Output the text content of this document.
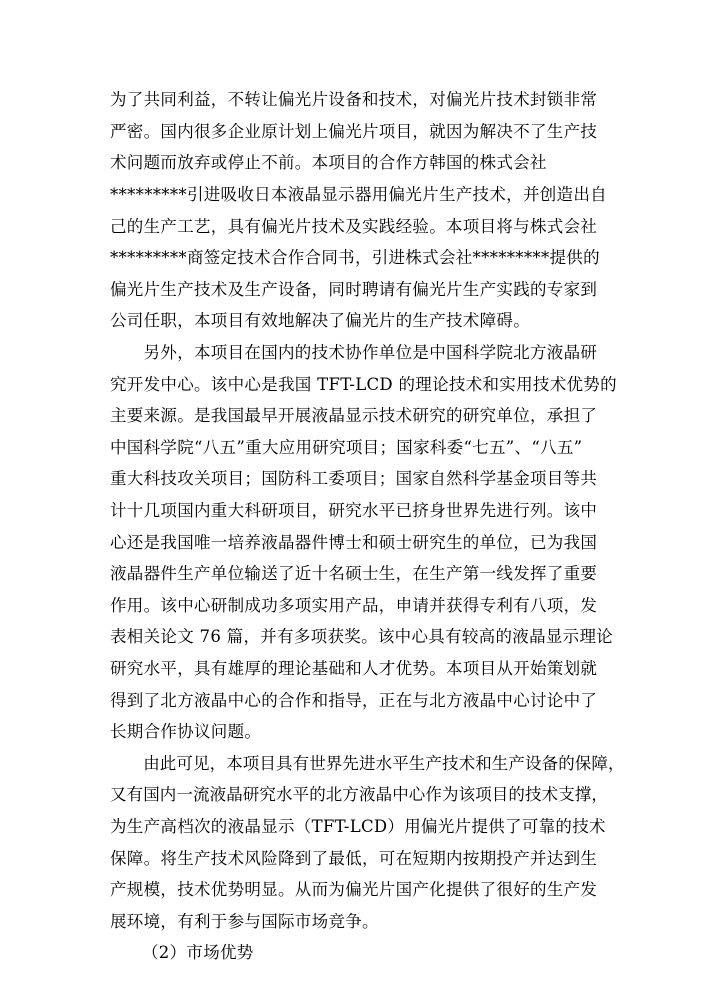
为了共同利益，不转让偏光片设备和技术，对偏光片技术封锁非常
严密。国内很多企业原计划上偏光片项目，就因为解决不了生产技
术问题而放弃或停止不前。本项目的合作方韩国的株式会社
*********引进吸收日本液晶显示器用偏光片生产技术，并创造出自
己的生产工艺，具有偏光片技术及实践经验。本项目将与株式会社
*********商签定技术合作合同书，引进株式会社*********提供的
偏光片生产技术及生产设备，同时聘请有偏光片生产实践的专家到
公司任职，本项目有效地解决了偏光片的生产技术障碍。
　　另外，本项目在国内的技术协作单位是中国科学院北方液晶研
究开发中心。该中心是我国 TFT-LCD 的理论技术和实用技术优势的
主要来源。是我国最早开展液晶显示技术研究的研究单位，承担了
中国科学院“八五”重大应用研究项目；国家科委“七五”、“八五”
重大科技攻关项目；国防科工委项目；国家自然科学基金项目等共
计十几项国内重大科研项目，研究水平已挤身世界先进行列。该中
心还是我国唯一培养液晶器件博士和硕士研究生的单位，已为我国
液晶器件生产单位输送了近十名硕士生，在生产第一线发挥了重要
作用。该中心研制成功多项实用产品，申请并获得专利有八项，发
表相关论文 76 篇，并有多项获奖。该中心具有较高的液晶显示理论
研究水平，具有雄厚的理论基础和人才优势。本项目从开始策划就
得到了北方液晶中心的合作和指导，正在与北方液晶中心讨论中了
长期合作协议问题。
　　由此可见，本项目具有世界先进水平生产技术和生产设备的保障，
又有国内一流液晶研究水平的北方液晶中心作为该项目的技术支撑，
为生产高档次的液晶显示（TFT-LCD）用偏光片提供了可靠的技术
保障。将生产技术风险降到了最低，可在短期内按期投产并达到生
产规模，技术优势明显。从而为偏光片国产化提供了很好的生产发
展环境，有利于参与国际市场竞争。
（2）市场优势
